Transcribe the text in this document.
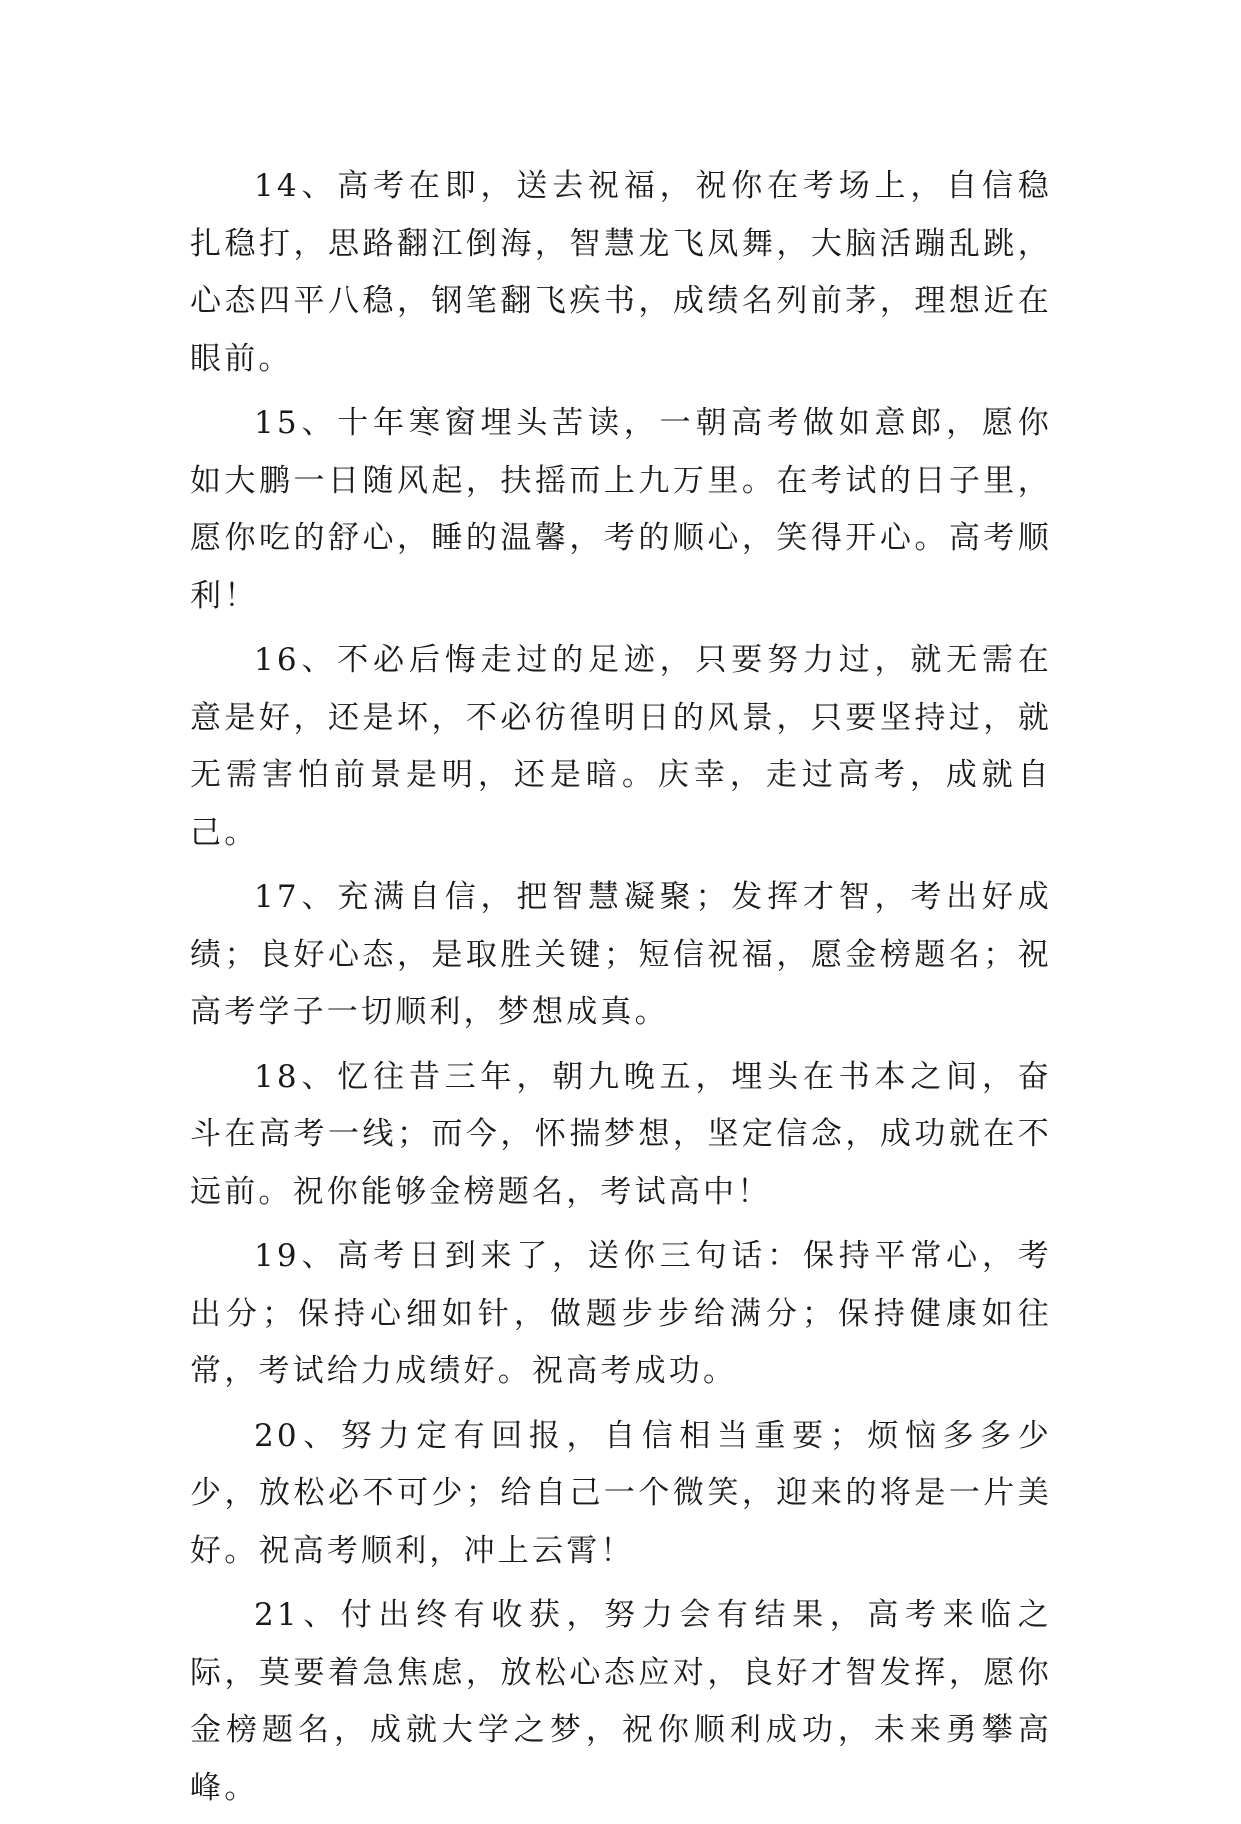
14、高考在即，送去祝福，祝你在考场上，自信稳扎稳打，思路翻江倒海，智慧龙飞凤舞，大脑活蹦乱跳，心态四平八稳，钢笔翻飞疾书，成绩名列前茅，理想近在眼前。

15、十年寒窗埋头苦读，一朝高考做如意郎，愿你如大鹏一日随风起，扶摇而上九万里。在考试的日子里，愿你吃的舒心，睡的温馨，考的顺心，笑得开心。高考顺利！

16、不必后悔走过的足迹，只要努力过，就无需在意是好，还是坏，不必彷徨明日的风景，只要坚持过，就无需害怕前景是明，还是暗。庆幸，走过高考，成就自己。

17、充满自信，把智慧凝聚；发挥才智，考出好成绩；良好心态，是取胜关键；短信祝福，愿金榜题名；祝高考学子一切顺利，梦想成真。

18、忆往昔三年，朝九晚五，埋头在书本之间，奋斗在高考一线；而今，怀揣梦想，坚定信念，成功就在不远前。祝你能够金榜题名，考试高中！

19、高考日到来了，送你三句话：保持平常心，考出分；保持心细如针，做题步步给满分；保持健康如往常，考试给力成绩好。祝高考成功。

20、努力定有回报，自信相当重要；烦恼多多少少，放松必不可少；给自己一个微笑，迎来的将是一片美好。祝高考顺利，冲上云霄！

21、付出终有收获，努力会有结果，高考来临之际，莫要着急焦虑，放松心态应对，良好才智发挥，愿你金榜题名，成就大学之梦，祝你顺利成功，未来勇攀高峰。
